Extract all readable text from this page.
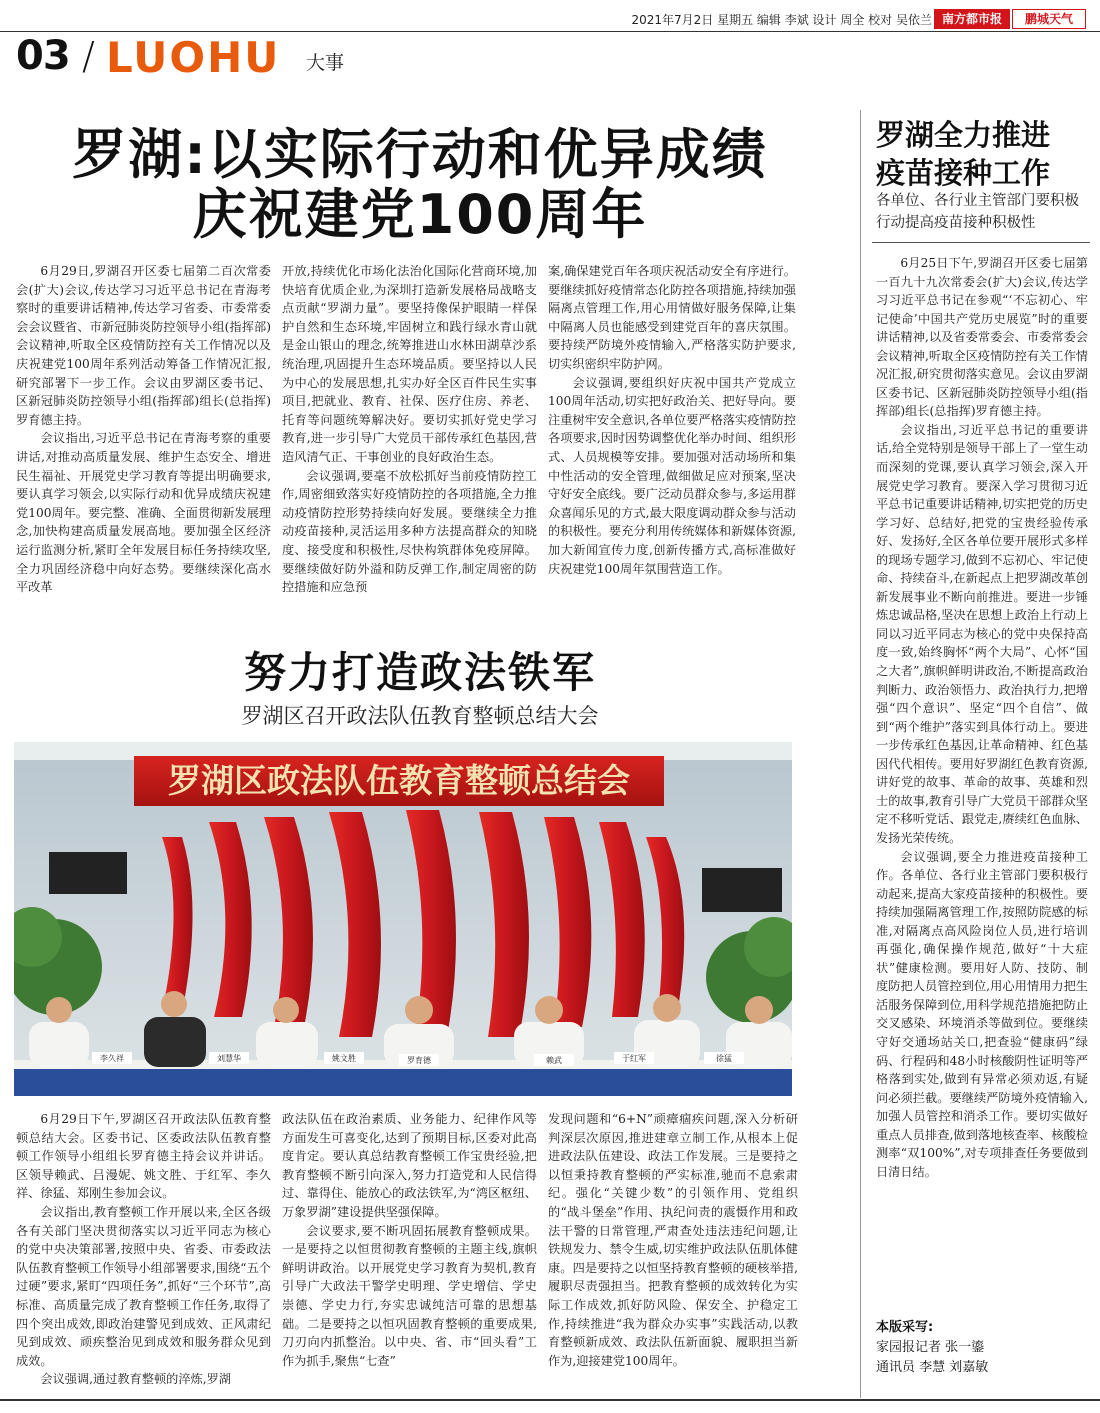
2021年7月2日 星期五 编辑 李斌 设计 周全 校对 吴依兰 南方都市报	鹏城天气
03 / LUOHU 大事
罗湖:以实际行动和优异成绩
庆祝建党100周年

6月29日,罗湖召开区委七届第二百次常委会(扩大)会议,传达学习习近平总书记在青海考察时的重要讲话精神,传达学习省委、市委常委会会议暨省、市新冠肺炎防控领导小组(指挥部)会议精神,听取全区疫情防控有关工作情况以及庆祝建党100周年系列活动筹备工作情况汇报,研究部署下一步工作。会议由罗湖区委书记、区新冠肺炎防控领导小组(指挥部)组长(总指挥)罗育德主持。

会议指出,习近平总书记在青海考察的重要讲话,对推动高质量发展、维护生态安全、增进民生福祉、开展党史学习教育等提出明确要求,要认真学习领会,以实际行动和优异成绩庆祝建党100周年。要完整、准确、全面贯彻新发展理念,加快构建高质量发展高地。要加强全区经济运行监测分析,紧盯全年发展目标任务持续攻坚,全力巩固经济稳中向好态势。要继续深化高水平改革

开放,持续优化市场化法治化国际化营商环境,加快培育优质企业,为深圳打造新发展格局战略支点贡献“罗湖力量”。要坚持像保护眼睛一样保护自然和生态环境,牢固树立和践行绿水青山就是金山银山的理念,统筹推进山水林田湖草沙系统治理,巩固提升生态环境品质。要坚持以人民为中心的发展思想,扎实办好全区百件民生实事项目,把就业、教育、社保、医疗住房、养老、托育等问题统筹解决好。要切实抓好党史学习教育,进一步引导广大党员干部传承红色基因,营造风清气正、干事创业的良好政治生态。

会议强调,要毫不放松抓好当前疫情防控工作,周密细致落实好疫情防控的各项措施,全力推动疫情防控形势持续向好发展。要继续全力推动疫苗接种,灵活运用多种方法提高群众的知晓度、接受度和积极性,尽快构筑群体免疫屏障。要继续做好防外溢和防反弹工作,制定周密的防控措施和应急预

案,确保建党百年各项庆祝活动安全有序进行。要继续抓好疫情常态化防控各项措施,持续加强隔离点管理工作,用心用情做好服务保障,让集中隔离人员也能感受到建党百年的喜庆氛围。要持续严防境外疫情输入,严格落实防护要求,切实织密织牢防护网。

会议强调,要组织好庆祝中国共产党成立100周年活动,切实把好政治关、把好导向。要注重树牢安全意识,各单位要严格落实疫情防控各项要求,因时因势调整优化举办时间、组织形式、人员规模等安排。要加强对活动场所和集中性活动的安全管理,做细做足应对预案,坚决守好安全底线。要广泛动员群众参与,多运用群众喜闻乐见的方式,最大限度调动群众参与活动的积极性。要充分利用传统媒体和新媒体资源,加大新闻宣传力度,创新传播方式,高标准做好庆祝建党100周年氛围营造工作。

罗湖全力推进
疫苗接种工作
各单位、各行业主管部门要积极行动提高疫苗接种积极性

6月25日下午,罗湖召开区委七届第一百九十九次常委会(扩大)会议,传达学习习近平总书记在参观“‘不忘初心、牢记使命’中国共产党历史展览”时的重要讲话精神,以及省委常委会、市委常委会会议精神,听取全区疫情防控有关工作情况汇报,研究贯彻落实意见。会议由罗湖区委书记、区新冠肺炎防控领导小组(指挥部)组长(总指挥)罗育德主持。

会议指出,习近平总书记的重要讲话,给全党特别是领导干部上了一堂生动而深刻的党课,要认真学习领会,深入开展党史学习教育。要深入学习贯彻习近平总书记重要讲话精神,切实把党的历史学习好、总结好,把党的宝贵经验传承好、发扬好,全区各单位要开展形式多样的现场专题学习,做到不忘初心、牢记使命、持续奋斗,在新起点上把罗湖改革创新发展事业不断向前推进。要进一步锤炼忠诚品格,坚决在思想上政治上行动上同以习近平同志为核心的党中央保持高度一致,始终胸怀“两个大局”、心怀“国之大者”,旗帜鲜明讲政治,不断提高政治判断力、政治领悟力、政治执行力,把增强“四个意识”、坚定“四个自信”、做到“两个维护”落实到具体行动上。要进一步传承红色基因,让革命精神、红色基因代代相传。要用好罗湖红色教育资源,讲好党的故事、革命的故事、英雄和烈士的故事,教育引导广大党员干部群众坚定不移听党话、跟党走,赓续红色血脉、发扬光荣传统。

会议强调,要全力推进疫苗接种工作。各单位、各行业主管部门要积极行动起来,提高大家疫苗接种的积极性。要持续加强隔离管理工作,按照防院感的标准,对隔离点高风险岗位人员,进行培训再强化,确保操作规范,做好“十大症状”健康检测。要用好人防、技防、制度防把人员管控到位,用心用情用力把生活服务保障到位,用科学规范措施把防止交叉感染、环境消杀等做到位。要继续守好交通场站关口,把查验“健康码”绿码、行程码和48小时核酸阴性证明等严格落到实处,做到有异常必须劝返,有疑问必须拦截。要继续严防境外疫情输入,加强人员管控和消杀工作。要切实做好重点人员排查,做到落地核查率、核酸检测率“双100%”,对专项排查任务要做到日清日结。

努力打造政法铁军
罗湖区召开政法队伍教育整顿总结大会
罗湖区政法队伍教育整顿总结会
李久祥	刘慧华	姚文胜	罗育德	赖武	于红军	徐猛

6月29日下午,罗湖区召开政法队伍教育整顿总结大会。区委书记、区委政法队伍教育整顿工作领导小组组长罗育德主持会议并讲话。区领导赖武、吕漫妮、姚文胜、于红军、李久祥、徐猛、郑刚生参加会议。

会议指出,教育整顿工作开展以来,全区各级各有关部门坚决贯彻落实以习近平同志为核心的党中央决策部署,按照中央、省委、市委政法队伍教育整顿工作领导小组部署要求,围绕“五个过硬”要求,紧盯“四项任务”,抓好“三个环节”,高标准、高质量完成了教育整顿工作任务,取得了四个突出成效,即政治建警见到成效、正风肃纪见到成效、顽疾整治见到成效和服务群众见到成效。

会议强调,通过教育整顿的淬炼,罗湖

政法队伍在政治素质、业务能力、纪律作风等方面发生可喜变化,达到了预期目标,区委对此高度肯定。要认真总结教育整顿工作宝贵经验,把教育整顿不断引向深入,努力打造党和人民信得过、靠得住、能放心的政法铁军,为“湾区枢纽、万象罗湖”建设提供坚强保障。

会议要求,要不断巩固拓展教育整顿成果。一是要持之以恒贯彻教育整顿的主题主线,旗帜鲜明讲政治。以开展党史学习教育为契机,教育引导广大政法干警学史明理、学史增信、学史崇德、学史力行,夯实忠诚纯洁可靠的思想基础。二是要持之以恒巩固教育整顿的重要成果,刀刃向内抓整治。以中央、省、市“回头看”工作为抓手,聚焦“七查”

发现问题和“6+N”顽瘴痼疾问题,深入分析研判深层次原因,推进建章立制工作,从根本上促进政法队伍建设、政法工作发展。三是要持之以恒秉持教育整顿的严实标准,驰而不息索肃纪。强化“关键少数”的引领作用、党组织的“战斗堡垒”作用、执纪问责的震慑作用和政法干警的日常管理,严肃查处违法违纪问题,让铁规发力、禁令生威,切实维护政法队伍肌体健康。四是要持之以恒坚持教育整顿的硬核举措,履职尽责强担当。把教育整顿的成效转化为实际工作成效,抓好防风险、保安全、护稳定工作,持续推进“我为群众办实事”实践活动,以教育整顿新成效、政法队伍新面貌、履职担当新作为,迎接建党100周年。

本版采写:
家园报记者 张一鎏
通讯员 李慧 刘嘉敏
